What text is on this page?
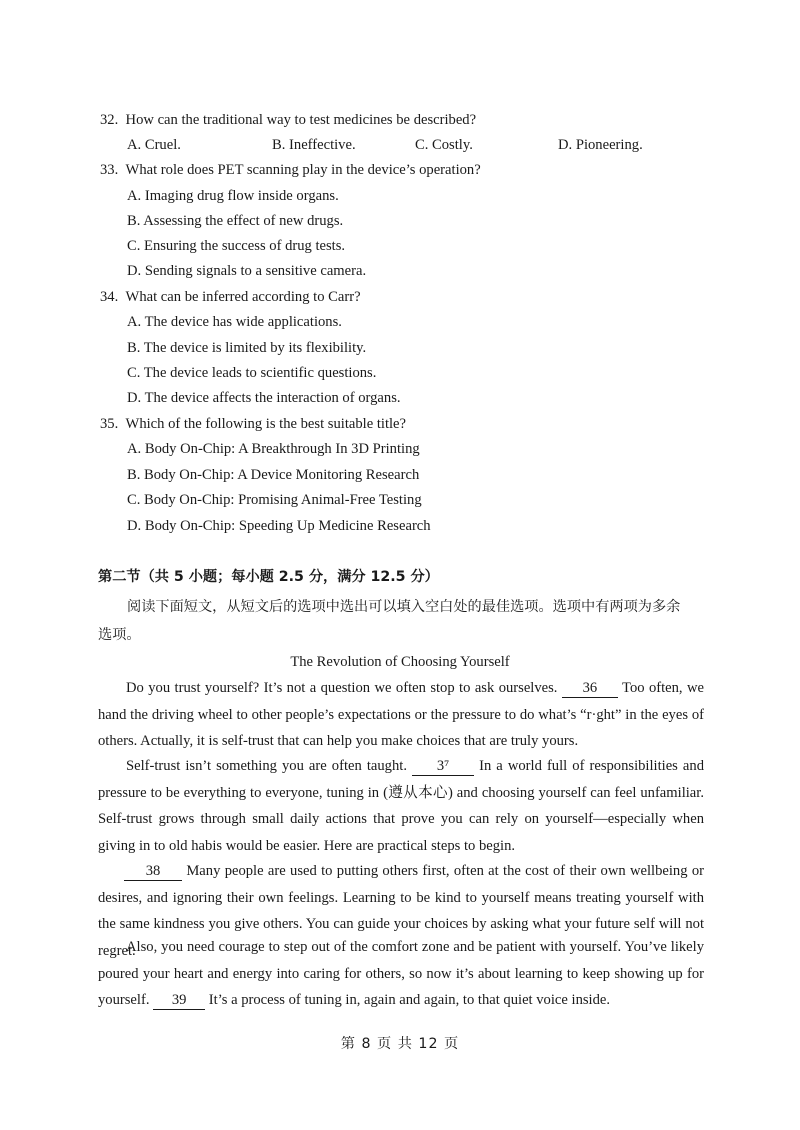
32. How can the traditional way to test medicines be described?
A. Cruel.	B. Ineffective.	C. Costly.	D. Pioneering.
33. What role does PET scanning play in the device’s operation?
A. Imaging drug flow inside organs.
B. Assessing the effect of new drugs.
C. Ensuring the success of drug tests.
D. Sending signals to a sensitive camera.
34. What can be inferred according to Carr?
A. The device has wide applications.
B. The device is limited by its flexibility.
C. The device leads to scientific questions.
D. The device affects the interaction of organs.
35. Which of the following is the best suitable title?
A. Body On-Chip: A Breakthrough In 3D Printing
B. Body On-Chip: A Device Monitoring Research
C. Body On-Chip: Promising Animal-Free Testing
D. Body On-Chip: Speeding Up Medicine Research
第二节（共 5 小题；每小题 2.5 分，满分 12.5 分）
阅读下面短文，从短文后的选项中选出可以填入空白处的最佳选项。选项中有两项为多余
选项。
The Revolution of Choosing Yourself
Do you trust yourself? It’s not a question we often stop to ask ourselves. 36 Too often, we hand the driving wheel to other people’s expectations or the pressure to do what’s “r·ght” in the eyes of others. Actually, it is self-trust that can help you make choices that are truly yours.
Self-trust isn’t something you are often taught. 3⁷ In a world full of responsibilities and pressure to be everything to everyone, tuning in (遵从本心) and choosing yourself can feel unfamiliar. Self-trust grows through small daily actions that prove you can rely on yourself—especially when giving in to old habis would be easier. Here are practical steps to begin.
38 Many people are used to putting others first, often at the cost of their own wellbeing or desires, and ignoring their own feelings. Learning to be kind to yourself means treating yourself with the same kindness you give others. You can guide your choices by asking what your future self will not regret.
Also, you need courage to step out of the comfort zone and be patient with yourself. You’ve likely poured your heart and energy into caring for others, so now it’s about learning to keep showing up for yourself. 39 It’s a process of tuning in, again and again, to that quiet voice inside.
第 8 页 共 12 页
